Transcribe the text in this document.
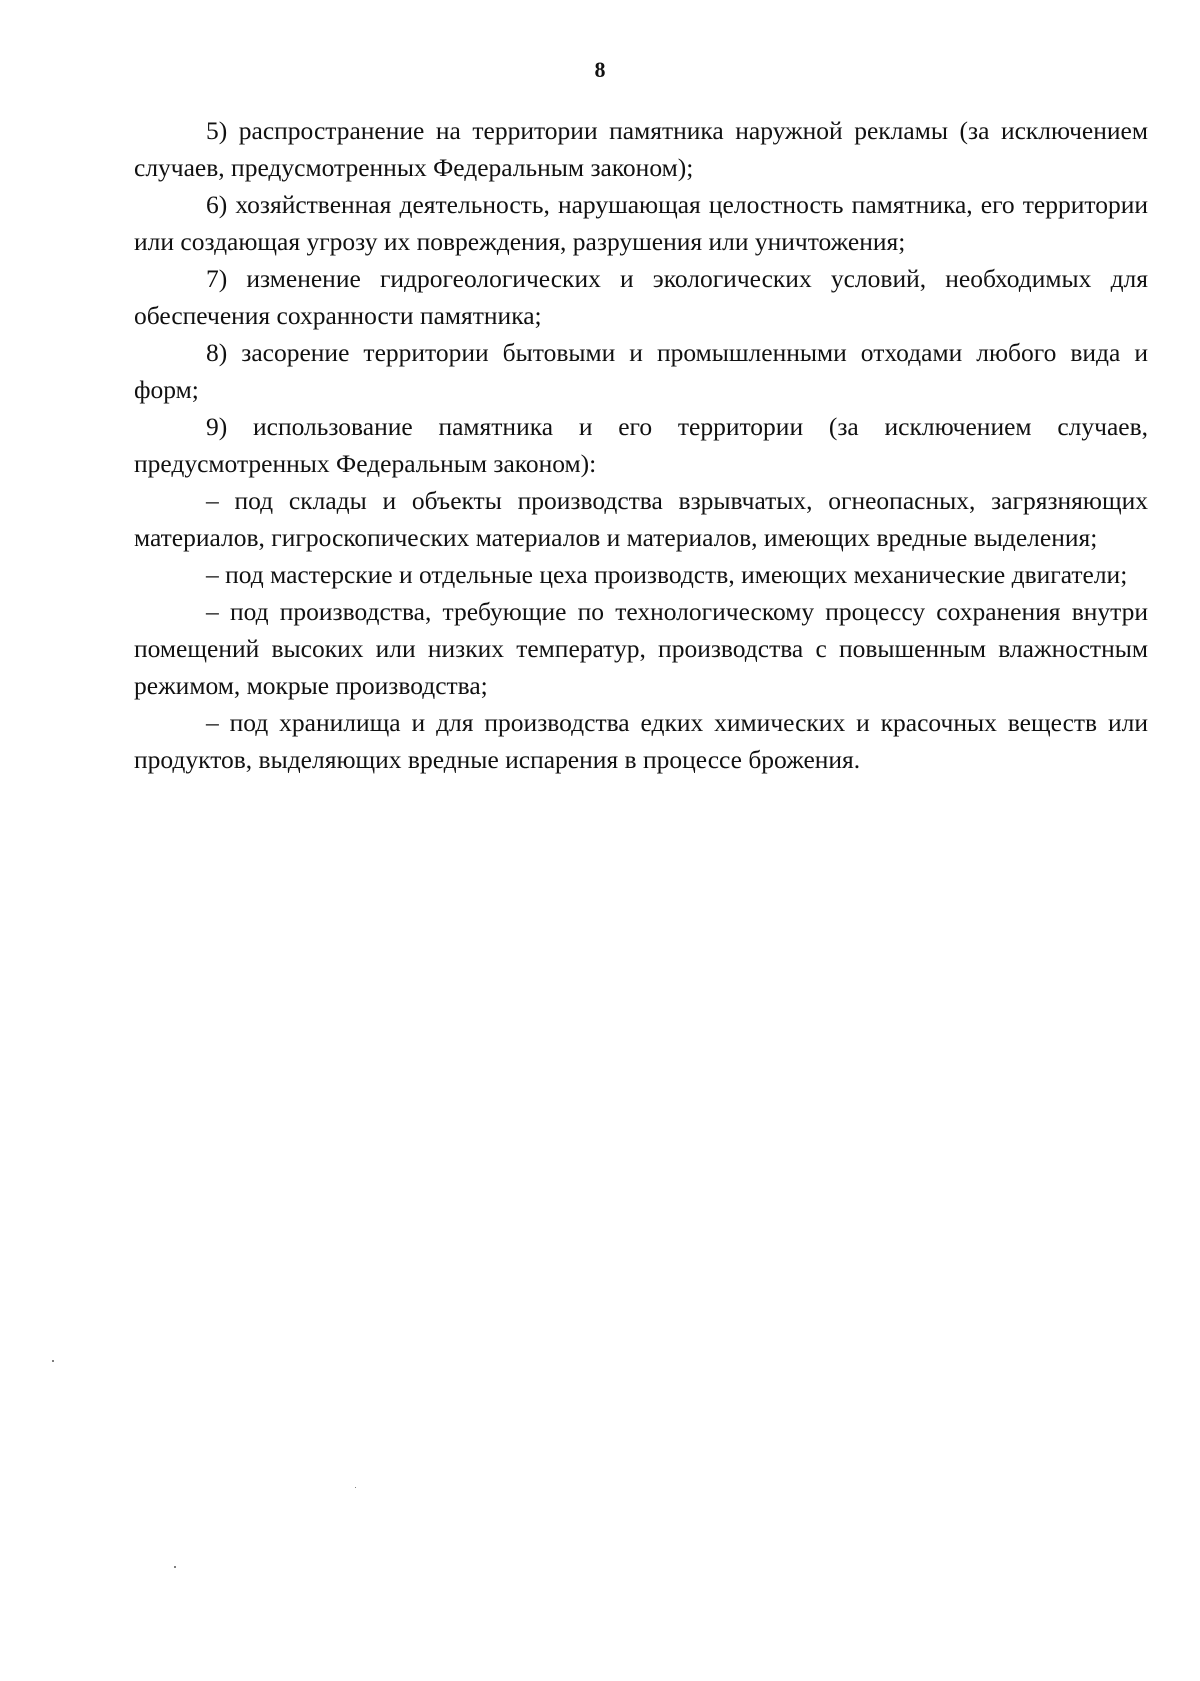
8

5) распространение на территории памятника наружной рекламы (за исключением случаев, предусмотренных Федеральным законом);

6) хозяйственная деятельность, нарушающая целостность памятника, его территории или создающая угрозу их повреждения, разрушения или уничтожения;

7) изменение гидрогеологических и экологических условий, необходимых для обеспечения сохранности памятника;

8) засорение территории бытовыми и промышленными отходами любого вида и форм;

9) использование памятника и его территории (за исключением случаев, предусмотренных Федеральным законом):

– под склады и объекты производства взрывчатых, огнеопасных, загрязняющих материалов, гигроскопических материалов и материалов, имеющих вредные выделения;

– под мастерские и отдельные цеха производств, имеющих механические двигатели;

– под производства, требующие по технологическому процессу сохранения внутри помещений высоких или низких температур, производства с повышенным влажностным режимом, мокрые производства;

– под хранилища и для производства едких химических и красочных веществ или продуктов, выделяющих вредные испарения в процессе брожения.
